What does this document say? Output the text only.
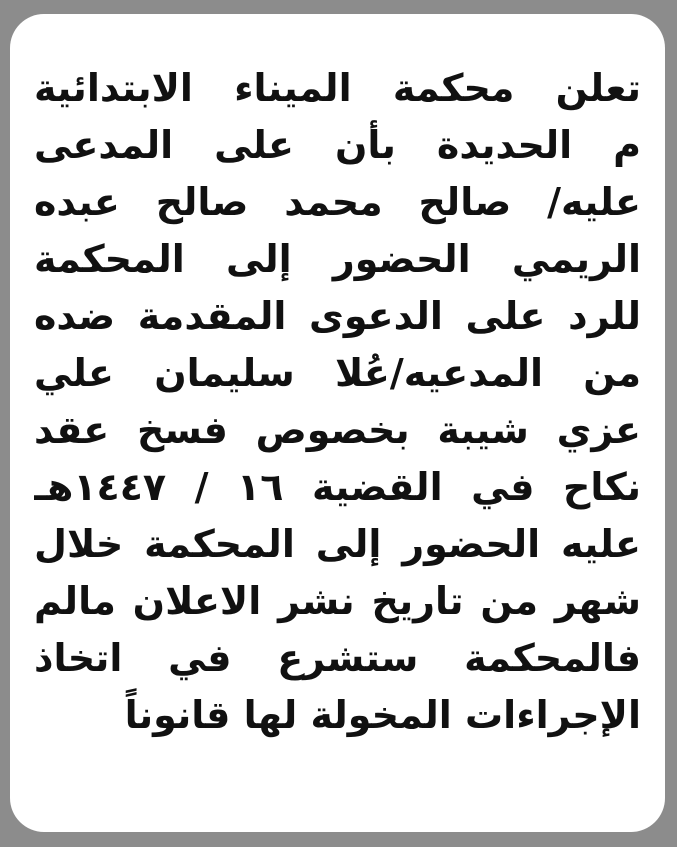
تعلن محكمة الميناء الابتدائية
م الحديدة بأن على المدعى
عليه/ صالح محمد صالح عبده
الريمي الحضور إلى المحكمة
للرد على الدعوى المقدمة ضده
من المدعيه/عُلا سليمان علي
عزي شيبة بخصوص فسخ عقد
نكاح في القضية ١٦ / ١٤٤٧هـ
عليه الحضور إلى المحكمة خلال
شهر من تاريخ نشر الاعلان مالم
فالمحكمة ستشرع في اتخاذ
الإجراءات المخولة لها قانوناً
